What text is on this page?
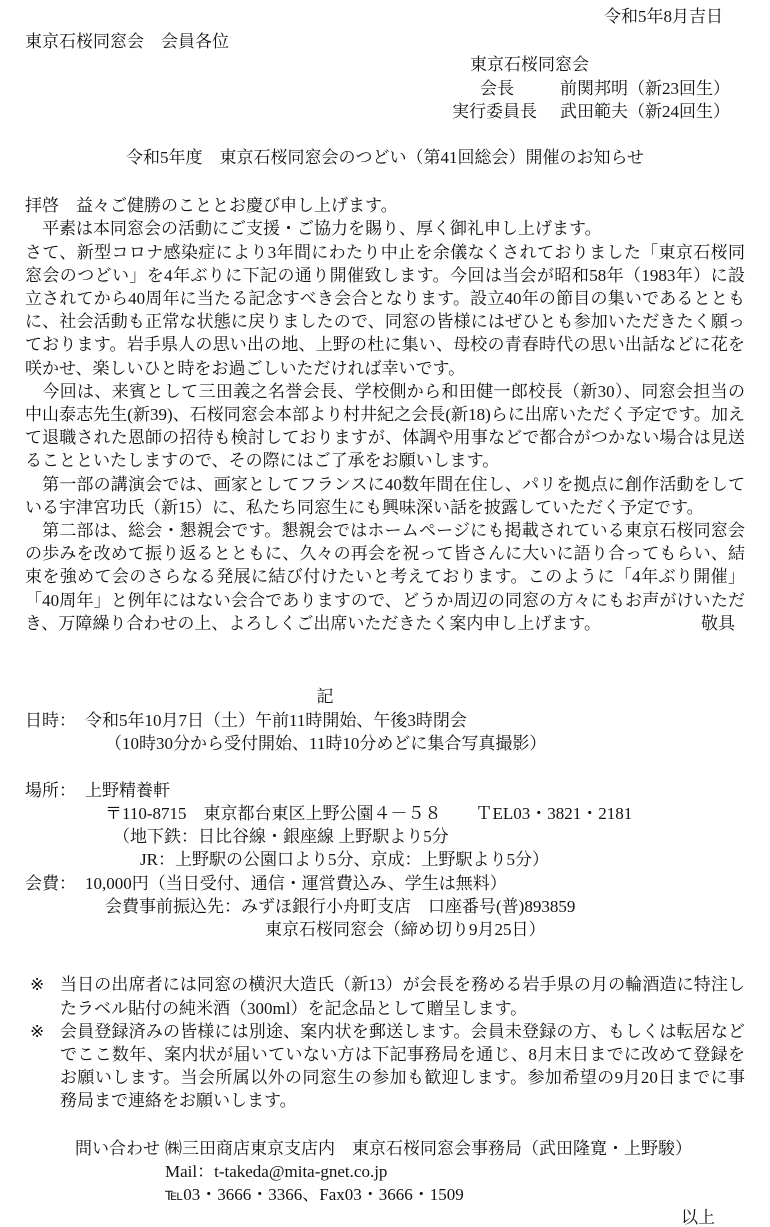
令和5年8月吉日
東京石桜同窓会　会員各位
東京石桜同窓会
会長	前関邦明（新23回生）
実行委員長	武田範夫（新24回生）
令和5年度　東京石桜同窓会のつどい（第41回総会）開催のお知らせ

拝啓　益々ご健勝のこととお慶び申し上げます。

　平素は本同窓会の活動にご支援・ご協力を賜り、厚く御礼申し上げます。

さて、新型コロナ感染症により3年間にわたり中止を余儀なくされておりました「東京石桜同窓会のつどい」を4年ぶりに下記の通り開催致します。今回は当会が昭和58年（1983年）に設立されてから40周年に当たる記念すべき会合となります。設立40年の節目の集いであるとともに、社会活動も正常な状態に戻りましたので、同窓の皆様にはぜひとも参加いただきたく願っております。岩手県人の思い出の地、上野の杜に集い、母校の青春時代の思い出話などに花を咲かせ、楽しいひと時をお過ごしいただければ幸いです。

　今回は、来賓として三田義之名誉会長、学校側から和田健一郎校長（新30）、同窓会担当の中山泰志先生(新39)、石桜同窓会本部より村井紀之会長(新18)らに出席いただく予定です。加えて退職された恩師の招待も検討しておりますが、体調や用事などで都合がつかない場合は見送ることといたしますので、その際にはご了承をお願いします。

　第一部の講演会では、画家としてフランスに40数年間在住し、パリを拠点に創作活動をしている宇津宮功氏（新15）に、私たち同窓生にも興味深い話を披露していただく予定です。

　第二部は、総会・懇親会です。懇親会ではホームページにも掲載されている東京石桜同窓会の歩みを改めて振り返るとともに、久々の再会を祝って皆さんに大いに語り合ってもらい、結束を強めて会のさらなる発展に結び付けたいと考えております。このように「4年ぶり開催」「40周年」と例年にはない会合でありますので、どうか周辺の同窓の方々にもお声がけいただき、万障繰り合わせの上、よろしくご出席いただきたく案内申し上げます。	敬具
記
日時： 令和5年10月7日（土）午前11時開始、午後3時閉会
（10時30分から受付開始、11時10分めどに集合写真撮影）
場所： 上野精養軒
〒110-8715　東京都台東区上野公園４－５８　　ＴEL03・3821・2181
（地下鉄：日比谷線・銀座線 上野駅より5分
JR：上野駅の公園口より5分、京成：上野駅より5分）
会費： 10,000円（当日受付、通信・運営費込み、学生は無料）
会費事前振込先：みずほ銀行小舟町支店　口座番号(普)893859
東京石桜同窓会（締め切り9月25日）
※ 当日の出席者には同窓の横沢大造氏（新13）が会長を務める岩手県の月の輪酒造に特注したラベル貼付の純米酒（300ml）を記念品として贈呈します。

※ 会員登録済みの皆様には別途、案内状を郵送します。会員未登録の方、もしくは転居などでここ数年、案内状が届いていない方は下記事務局を通じ、8月末日までに改めて登録をお願いします。当会所属以外の同窓生の参加も歓迎します。参加希望の9月20日までに事務局まで連絡をお願いします。

問い合わせ ㈱三田商店東京支店内　東京石桜同窓会事務局（武田隆寛・上野駿）
Mail：t-takeda@mita-gnet.co.jp
℡03・3666・3366、Fax03・3666・1509
以上
